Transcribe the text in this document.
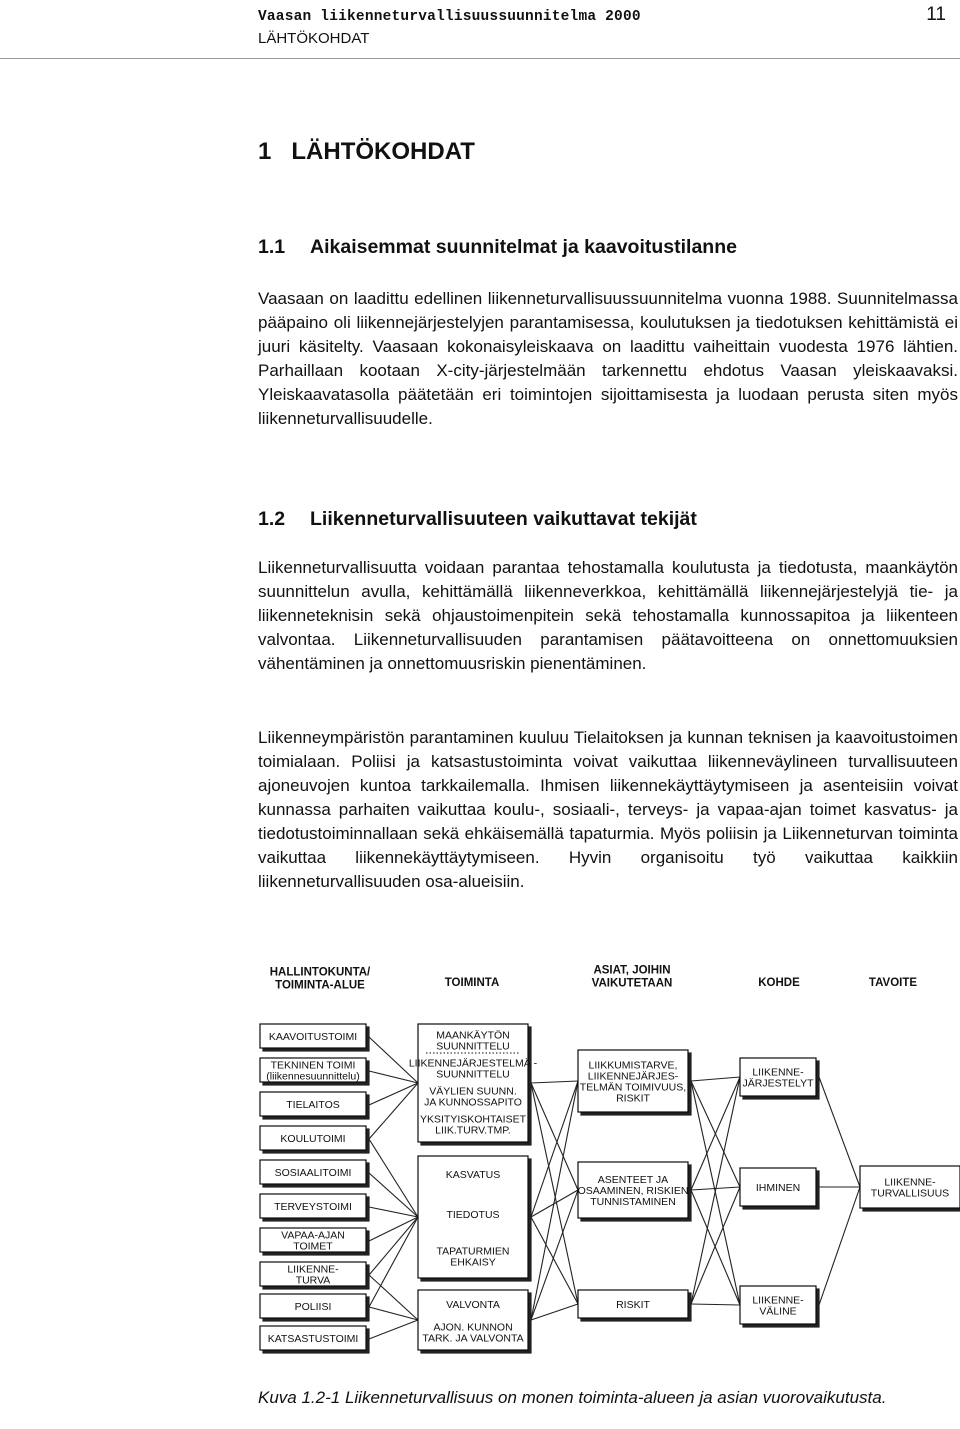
Vaasan liikenneturvallisuussuunnitelma 2000
LÄHTÖKOHDAT
11
1 LÄHTÖKOHDAT
1.1 Aikaisemmat suunnitelmat ja kaavoitustilanne

Vaasaan on laadittu edellinen liikenneturvallisuussuunnitelma vuonna 1988. Suunnitelmassa pääpaino oli liikennejärjestelyjen parantamisessa, koulutuksen ja tiedotuksen kehittämistä ei juuri käsitelty. Vaasaan kokonaisyleiskaava on laadittu vaiheittain vuodesta 1976 lähtien. Parhaillaan kootaan X-city-järjestelmään tarkennettu ehdotus Vaasan yleiskaavaksi. Yleiskaavatasolla päätetään eri toimintojen sijoittamisesta ja luodaan perusta siten myös liikenneturvallisuudelle.

1.2 Liikenneturvallisuuteen vaikuttavat tekijät

Liikenneturvallisuutta voidaan parantaa tehostamalla koulutusta ja tiedotusta, maankäytön suunnittelun avulla, kehittämällä liikenneverkkoa, kehittämällä liikennejärjestelyjä tie- ja liikenneteknisin sekä ohjaustoimenpitein sekä tehostamalla kunnossapitoa ja liikenteen valvontaa. Liikenneturvallisuuden parantamisen päätavoitteena on onnettomuuksien vähentäminen ja onnettomuusriskin pienentäminen.

Liikenneympäristön parantaminen kuuluu Tielaitoksen ja kunnan teknisen ja kaavoitustoimen toimialaan. Poliisi ja katsastustoiminta voivat vaikuttaa liikenneväylineen turvallisuuteen ajoneuvojen kuntoa tarkkailemalla. Ihmisen liikennekäyttäytymiseen ja asenteisiin voivat kunnassa parhaiten vaikuttaa koulu-, sosiaali-, terveys- ja vapaa-ajan toimet kasvatus- ja tiedotustoiminnallaan sekä ehkäisemällä tapaturmia. Myös poliisin ja Liikenneturvan toiminta vaikuttaa liikennekäyttäytymiseen. Hyvin organisoitu työ vaikuttaa kaikkiin liikenneturvallisuuden osa-alueisiin.

HALLINTOKUNTA/
TOIMINTA-ALUE	TOIMINTA
ASIAT, JOIHIN
VAIKUTETAAN	KOHDE	TAVOITE
KAAVOITUSTOIMI
TEKNINEN TOIMI
(liikennesuunnittelu)
TIELAITOS
KOULUTOIMI
SOSIAALITOIMI
TERVEYSTOIMI
VAPAA-AJAN
TOIMET
LIIKENNE-
TURVA
POLIISI
KATSASTUSTOIMI
MAANKÄYTÖN
SUUNNITTELU
LIIKENNEJÄRJESTELMÄ -
SUUNNITTELU
VÄYLIEN SUUNN.
JA KUNNOSSAPITO
YKSITYISKOHTAISET
LIIK.TURV.TMP.
KASVATUS
TIEDOTUS
TAPATURMIEN
EHKAISY
VALVONTA
AJON. KUNNON
TARK. JA VALVONTA
LIIKKUMISTARVE,
LIIKENNEJÄRJES-
TELMÄN TOIMIVUUS,
RISKIT
ASENTEET JA
OSAAMINEN, RISKIEN
TUNNISTAMINEN
RISKIT
LIIKENNE-
JÄRJESTELYT
IHMINEN
LIIKENNE-
VÄLINE
LIIKENNE-
TURVALLISUUS

Kuva 1.2-1 Liikenneturvallisuus on monen toiminta-alueen ja asian vuorovaikutusta.
